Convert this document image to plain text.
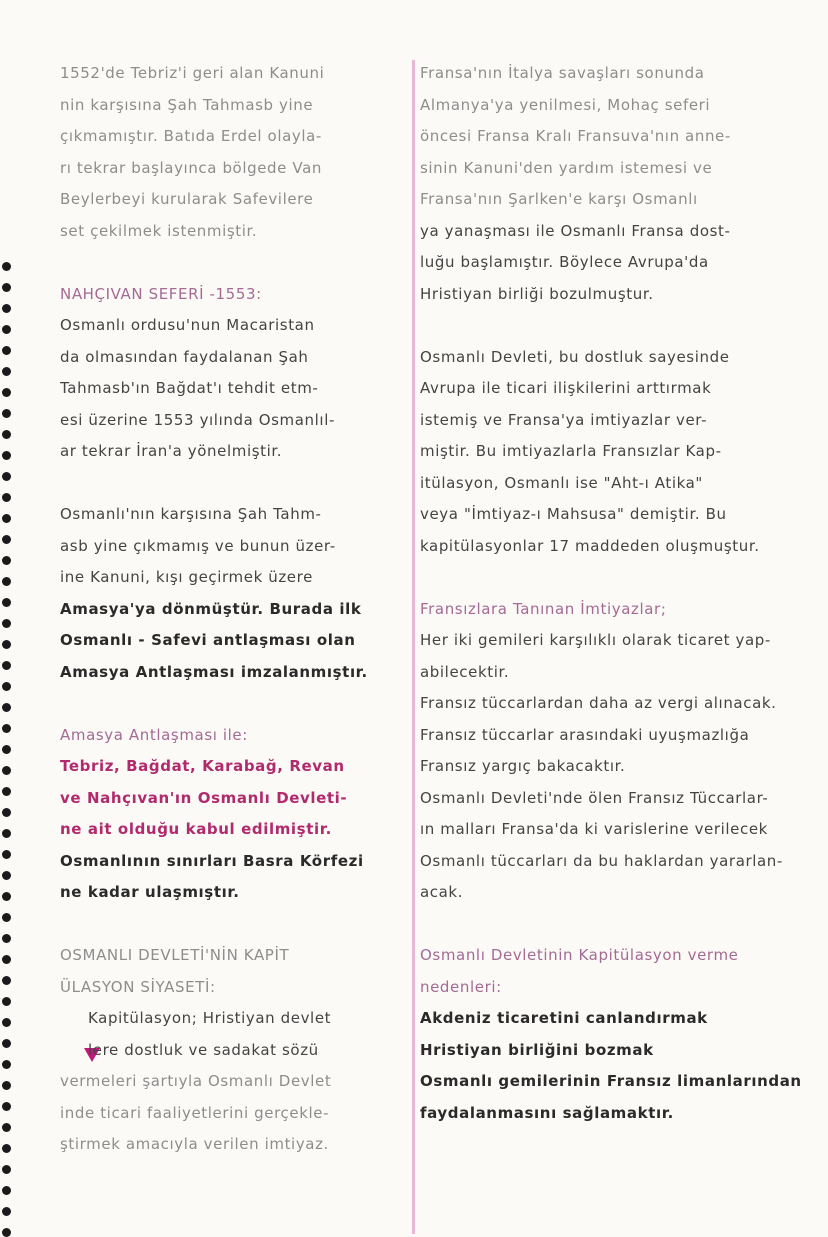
1552'de Tebriz'i geri alan Kanuni
nin karşısına Şah Tahmasb yine
çıkmamıştır. Batıda Erdel olayla-
rı tekrar başlayınca bölgede Van
Beylerbeyi kurularak Safevilere
set çekilmek istenmiştir.
NAHÇIVAN SEFERİ -1553:
Osmanlı ordusu'nun Macaristan
da olmasından faydalanan Şah
Tahmasb'ın Bağdat'ı tehdit etm-
esi üzerine 1553 yılında Osmanlıl-
ar tekrar İran'a yönelmiştir.
Osmanlı'nın karşısına Şah Tahm-
asb yine çıkmamış ve bunun üzer-
ine Kanuni, kışı geçirmek üzere
Amasya'ya dönmüştür. Burada ilk
Osmanlı - Safevi antlaşması olan
Amasya Antlaşması imzalanmıştır.
Amasya Antlaşması ile:
Tebriz, Bağdat, Karabağ, Revan
ve Nahçıvan'ın Osmanlı Devleti-
ne ait olduğu kabul edilmiştir.
Osmanlının sınırları Basra Körfezi
ne kadar ulaşmıştır.
OSMANLI DEVLETİ'NİN KAPİT
ÜLASYON SİYASETİ:
Kapitülasyon; Hristiyan devlet
lere dostluk ve sadakat sözü
vermeleri şartıyla Osmanlı Devlet
inde ticari faaliyetlerini gerçekle-
ştirmek amacıyla verilen imtiyaz.
Fransa'nın İtalya savaşları sonunda
Almanya'ya yenilmesi, Mohaç seferi
öncesi Fransa Kralı Fransuva'nın anne-
sinin Kanuni'den yardım istemesi ve
Fransa'nın Şarlken'e karşı Osmanlı
ya yanaşması ile Osmanlı Fransa dost-
luğu başlamıştır. Böylece Avrupa'da
Hristiyan birliği bozulmuştur.
Osmanlı Devleti, bu dostluk sayesinde
Avrupa ile ticari ilişkilerini arttırmak
istemiş ve Fransa'ya imtiyazlar ver-
miştir. Bu imtiyazlarla Fransızlar Kap-
itülasyon, Osmanlı ise "Aht-ı Atika"
veya "İmtiyaz-ı Mahsusa" demiştir. Bu
kapitülasyonlar 17 maddeden oluşmuştur.
Fransızlara Tanınan İmtiyazlar;
Her iki gemileri karşılıklı olarak ticaret yap-
abilecektir.
Fransız tüccarlardan daha az vergi alınacak.
Fransız tüccarlar arasındaki uyuşmazlığa
Fransız yargıç bakacaktır.
Osmanlı Devleti'nde ölen Fransız Tüccarlar-
ın malları Fransa'da ki varislerine verilecek
Osmanlı tüccarları da bu haklardan yararlan-
acak.
Osmanlı Devletinin Kapitülasyon verme
nedenleri:
Akdeniz ticaretini canlandırmak
Hristiyan birliğini bozmak
Osmanlı gemilerinin Fransız limanlarından
faydalanmasını sağlamaktır.
